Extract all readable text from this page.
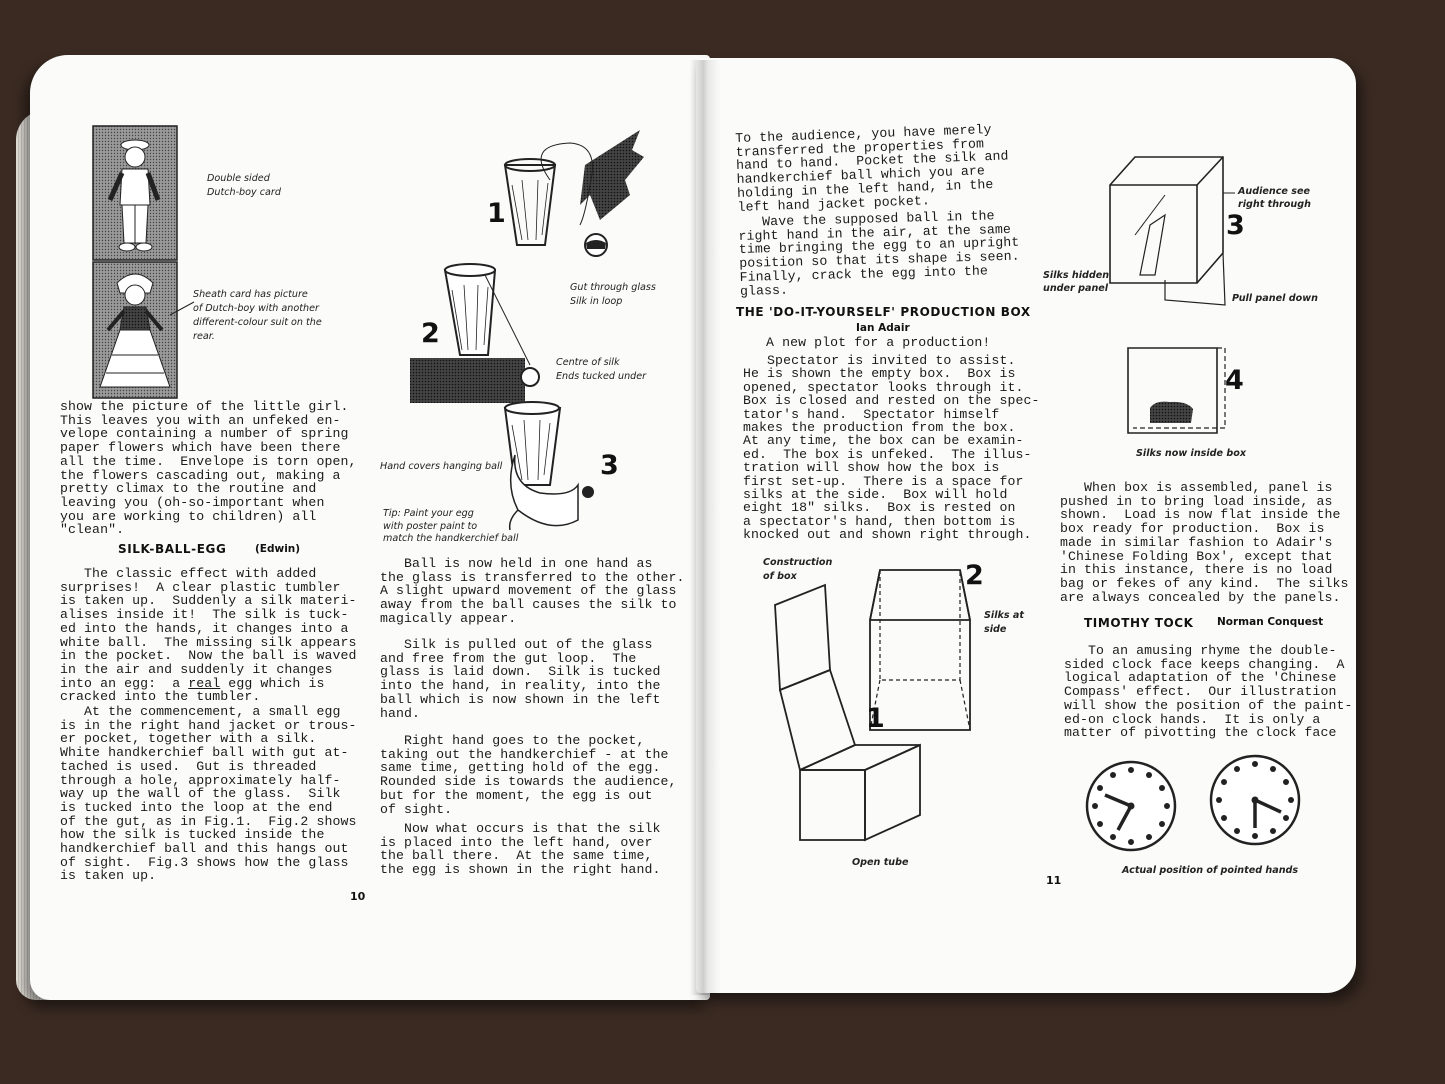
Double sided
Dutch-boy card
Sheath card has picture
of Dutch-boy with another
different-colour suit on the
rear.
show the picture of the little girl.
This leaves you with an unfeked en-
velope containing a number of spring
paper flowers which have been there
all the time.  Envelope is torn open,
the flowers cascading out, making a
pretty climax to the routine and
leaving you (oh-so-important when
you are working to children) all
"clean".
SILK-BALL-EGG	(Edwin)
The classic effect with added
surprises!  A clear plastic tumbler
is taken up.  Suddenly a silk materi-
alises inside it!  The silk is tuck-
ed into the hands, it changes into a
white ball.  The missing silk appears
in the pocket.  Now the ball is waved
in the air and suddenly it changes
into an egg:  a real egg which is
cracked into the tumbler.
At the commencement, a small egg
is in the right hand jacket or trous-
er pocket, together with a silk.
White handkerchief ball with gut at-
tached is used.  Gut is threaded
through a hole, approximately half-
way up the wall of the glass.  Silk
is tucked into the loop at the end
of the gut, as in Fig.1.  Fig.2 shows
how the silk is tucked inside the
handkerchief ball and this hangs out
of sight.  Fig.3 shows how the glass
is taken up.
10
1
2
3
Gut through glass
Silk in loop
Centre of silk
Ends tucked under
Hand covers hanging ball
Tip: Paint your egg
with poster paint to
match the handkerchief ball
Ball is now held in one hand as
the glass is transferred to the other.
A slight upward movement of the glass
away from the ball causes the silk to
magically appear.
Silk is pulled out of the glass
and free from the gut loop.  The
glass is laid down.  Silk is tucked
into the hand, in reality, into the
ball which is now shown in the left
hand.
Right hand goes to the pocket,
taking out the handkerchief - at the
same time, getting hold of the egg.
Rounded side is towards the audience,
but for the moment, the egg is out
of sight.
Now what occurs is that the silk
is placed into the left hand, over
the ball there.  At the same time,
the egg is shown in the right hand.
To the audience, you have merely
transferred the properties from
hand to hand.  Pocket the silk and
handkerchief ball which you are
holding in the left hand, in the
left hand jacket pocket.
Wave the supposed ball in the
right hand in the air, at the same
time bringing the egg to an upright
position so that its shape is seen.
Finally, crack the egg into the
glass.
THE 'DO-IT-YOURSELF' PRODUCTION BOX
Ian Adair
A new plot for a production!
Spectator is invited to assist.
He is shown the empty box.  Box is
opened, spectator looks through it.
Box is closed and rested on the spec-
tator's hand.  Spectator himself
makes the production from the box.
At any time, the box can be examin-
ed.  The box is unfeked.  The illus-
tration will show how the box is
first set-up.  There is a space for
silks at the side.  Box will hold
eight 18" silks.  Box is rested on
a spectator's hand, then bottom is
knocked out and shown right through.
Construction
of box
Silks at
side
Open tube
2
1
3
Audience see
right through
Silks hidden
under panel
Pull panel down
4
Silks now inside box
When box is assembled, panel is
pushed in to bring load inside, as
shown.  Load is now flat inside the
box ready for production.  Box is
made in similar fashion to Adair's
'Chinese Folding Box', except that
in this instance, there is no load
bag or fekes of any kind.  The silks
are always concealed by the panels.
TIMOTHY TOCK Norman Conquest
To an amusing rhyme the double-
sided clock face keeps changing.  A
logical adaptation of the 'Chinese
Compass' effect.  Our illustration
will show the position of the paint-
ed-on clock hands.  It is only a
matter of pivotting the clock face
Actual position of pointed hands
11
